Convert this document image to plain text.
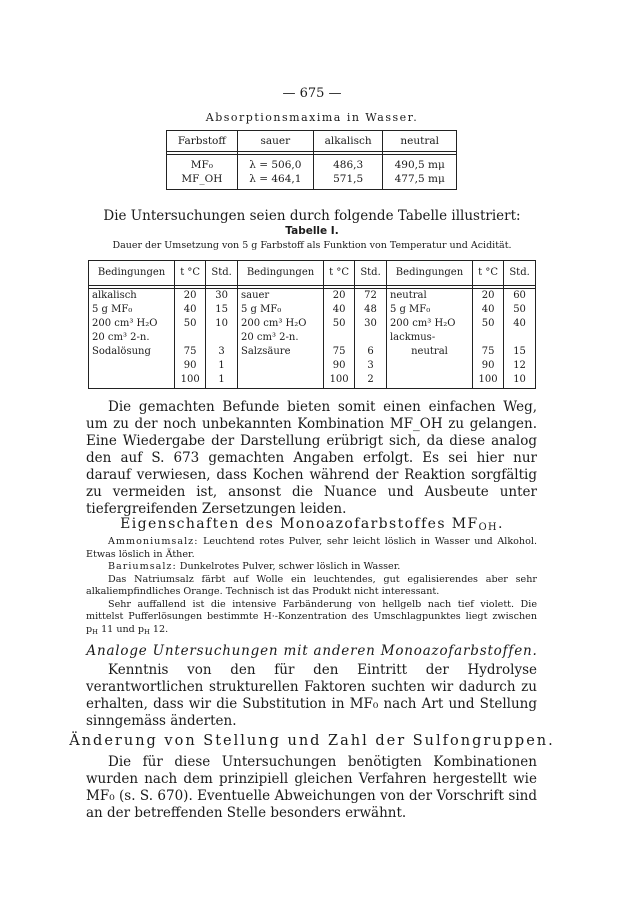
— 675 —
Absorptionsmaxima in Wasser.
Farbstoff	sauer	alkalisch	neutral

MF₀	λ = 506,0	486,3	490,5 mμ
MF_OH	λ = 464,1	571,5	477,5 mμ
Die Untersuchungen seien durch folgende Tabelle illustriert:
Tabelle I.
Dauer der Umsetzung von 5 g Farbstoff als Funktion von Temperatur und Acidität.
Bedingungen	t °C	Std.	Bedingungen	t °C	Std.	Bedingungen	t °C	Std.

alkalisch	20	30	sauer	20	72	neutral	20	60
5 g MF₀	40	15	5 g MF₀	40	48	5 g MF₀	40	50
200 cm³ H₂O	50	10	200 cm³ H₂O	50	30	200 cm³ H₂O	50	40
20 cm³ 2-n.			20 cm³ 2-n.			lackmus-		
Sodalösung	75	3	Salzsäure	75	6	neutral	75	15
	90	1		90	3		90	12
	100	1		100	2		100	10
Die gemachten Befunde bieten somit einen einfachen Weg, um zu der noch unbekannten Kombination MF_OH zu gelangen. Eine Wiedergabe der Darstellung erübrigt sich, da diese analog den auf S. 673 gemachten Angaben erfolgt. Es sei hier nur darauf verwiesen, dass Kochen während der Reaktion sorgfältig zu vermeiden ist, ansonst die Nuance und Ausbeute unter tiefergreifenden Zersetzungen leiden.
Eigenschaften des Monoazofarbstoffes $MF_{OH}$.
Ammoniumsalz: Leuchtend rotes Pulver, sehr leicht löslich in Wasser und Alkohol. Etwas löslich in Äther.
Bariumsalz: Dunkelrotes Pulver, schwer löslich in Wasser.
Das Natriumsalz färbt auf Wolle ein leuchtendes, gut egalisierendes aber sehr alkaliempfindliches Orange. Technisch ist das Produkt nicht interessant.
Sehr auffallend ist die intensive Farbänderung von hellgelb nach tief violett. Die mittelst Pufferlösungen bestimmte H·-Konzentration des Umschlagpunktes liegt zwischen $p_H$ 11 und $p_H$ 12.
Analoge Untersuchungen mit anderen Monoazofarbstoffen.
Kenntnis von den für den Eintritt der Hydrolyse verantwortlichen strukturellen Faktoren suchten wir dadurch zu erhalten, dass wir die Substitution in MF₀ nach Art und Stellung sinngemäss änderten.
Änderung von Stellung und Zahl der Sulfongruppen.
Die für diese Untersuchungen benötigten Kombinationen wurden nach dem prinzipiell gleichen Verfahren hergestellt wie MF₀ (s. S. 670). Eventuelle Abweichungen von der Vorschrift sind an der betreffenden Stelle besonders erwähnt.
